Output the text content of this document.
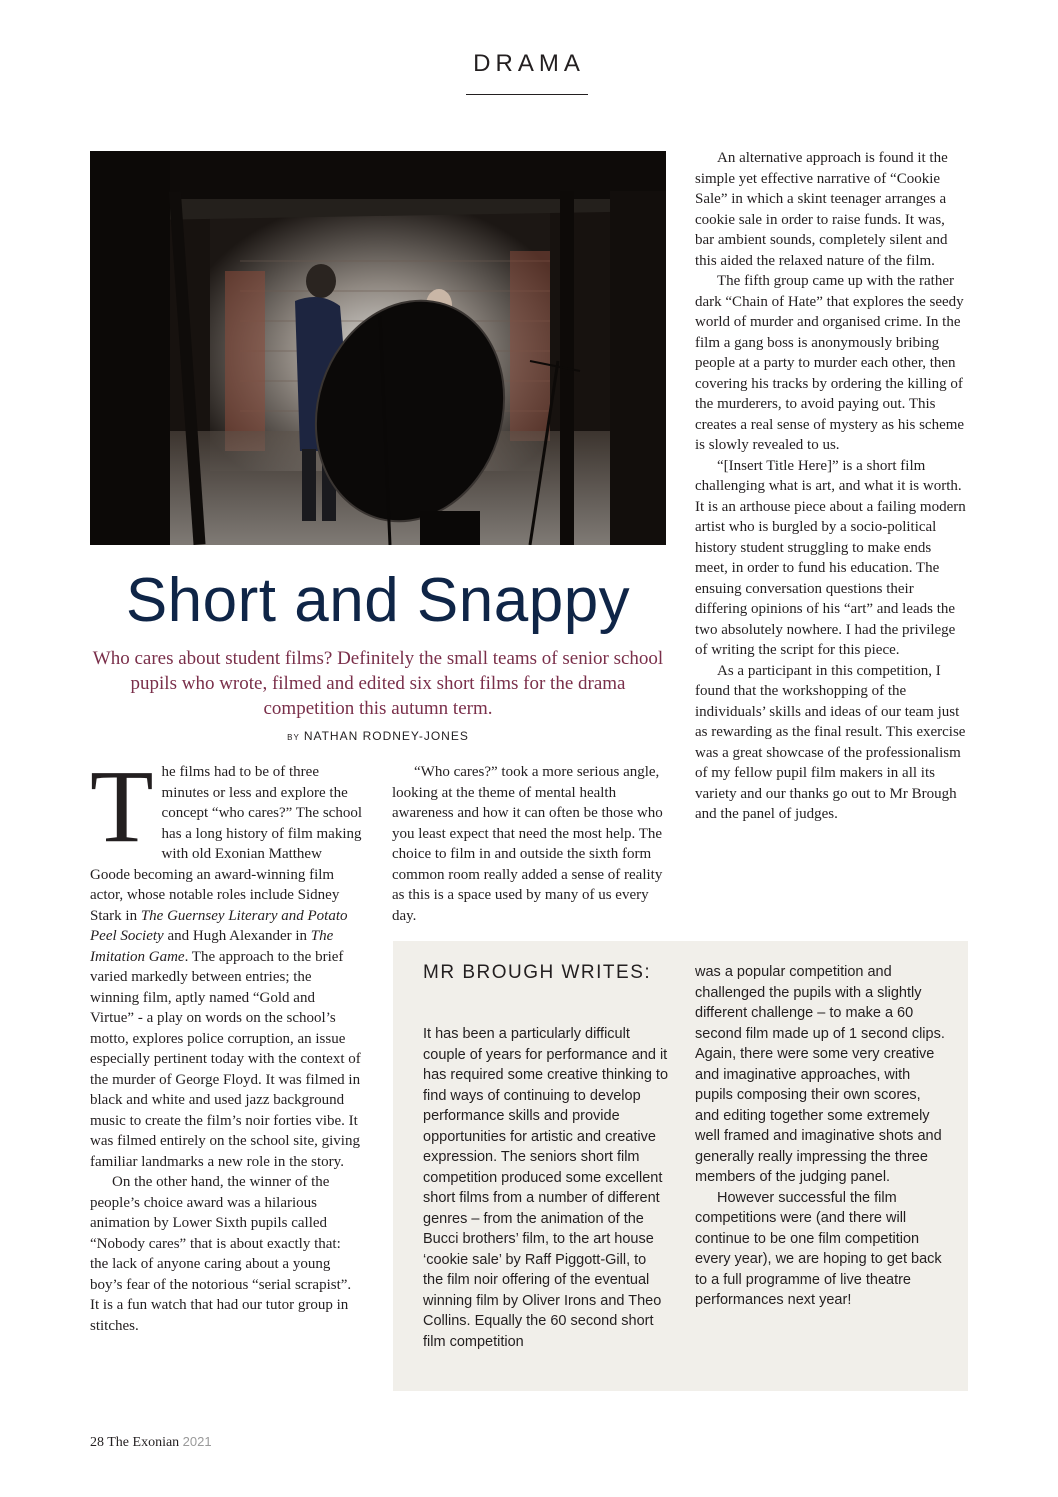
DRAMA
Short and Snappy
Who cares about student films? Definitely the small teams of senior school pupils who wrote, filmed and edited six short films for the drama competition this autumn term.
BY NATHAN RODNEY-JONES

The films had to be of three minutes or less and explore the concept “who cares?” The school has a long history of film making with old Exonian Matthew Goode becoming an award-winning film actor, whose notable roles include Sidney Stark in The Guernsey Literary and Potato Peel Society and Hugh Alexander in The Imitation Game. The approach to the brief varied markedly between entries; the winning film, aptly named “Gold and Virtue” - a play on words on the school’s motto, explores police corruption, an issue especially pertinent today with the context of the murder of George Floyd. It was filmed in black and white and used jazz background music to create the film’s noir forties vibe. It was filmed entirely on the school site, giving familiar landmarks a new role in the story.

On the other hand, the winner of the people’s choice award was a hilarious animation by Lower Sixth pupils called “Nobody cares” that is about exactly that: the lack of anyone caring about a young boy’s fear of the notorious “serial scrapist”. It is a fun watch that had our tutor group in stitches.

“Who cares?” took a more serious angle, looking at the theme of mental health awareness and how it can often be those who you least expect that need the most help. The choice to film in and outside the sixth form common room really added a sense of reality as this is a space used by many of us every day.

An alternative approach is found it the simple yet effective narrative of “Cookie Sale” in which a skint teenager arranges a cookie sale in order to raise funds. It was, bar ambient sounds, completely silent and this aided the relaxed nature of the film.

The fifth group came up with the rather dark “Chain of Hate” that explores the seedy world of murder and organised crime. In the film a gang boss is anonymously bribing people at a party to murder each other, then covering his tracks by ordering the killing of the murderers, to avoid paying out. This creates a real sense of mystery as his scheme is slowly revealed to us.

“[Insert Title Here]” is a short film challenging what is art, and what it is worth. It is an arthouse piece about a failing modern artist who is burgled by a socio-political history student struggling to make ends meet, in order to fund his education. The ensuing conversation questions their differing opinions of his “art” and leads the two absolutely nowhere. I had the privilege of writing the script for this piece.

As a participant in this competition, I found that the workshopping of the individuals’ skills and ideas of our team just as rewarding as the final result. This exercise was a great showcase of the professionalism of my fellow pupil film makers in all its variety and our thanks go out to Mr Brough and the panel of judges.

MR BROUGH WRITES:

It has been a particularly difficult couple of years for performance and it has required some creative thinking to find ways of continuing to develop performance skills and provide opportunities for artistic and creative expression. The seniors short film competition produced some excellent short films from a number of different genres – from the animation of the Bucci brothers’ film, to the art house ‘cookie sale’ by Raff Piggott-Gill, to the film noir offering of the eventual winning film by Oliver Irons and Theo Collins. Equally the 60 second short film competition

was a popular competition and challenged the pupils with a slightly different challenge – to make a 60 second film made up of 1 second clips. Again, there were some very creative and imaginative approaches, with pupils composing their own scores, and editing together some extremely well framed and imaginative shots and generally really impressing the three members of the judging panel.

However successful the film competitions were (and there will continue to be one film competition every year), we are hoping to get back to a full programme of live theatre performances next year!

28 The Exonian 2021
